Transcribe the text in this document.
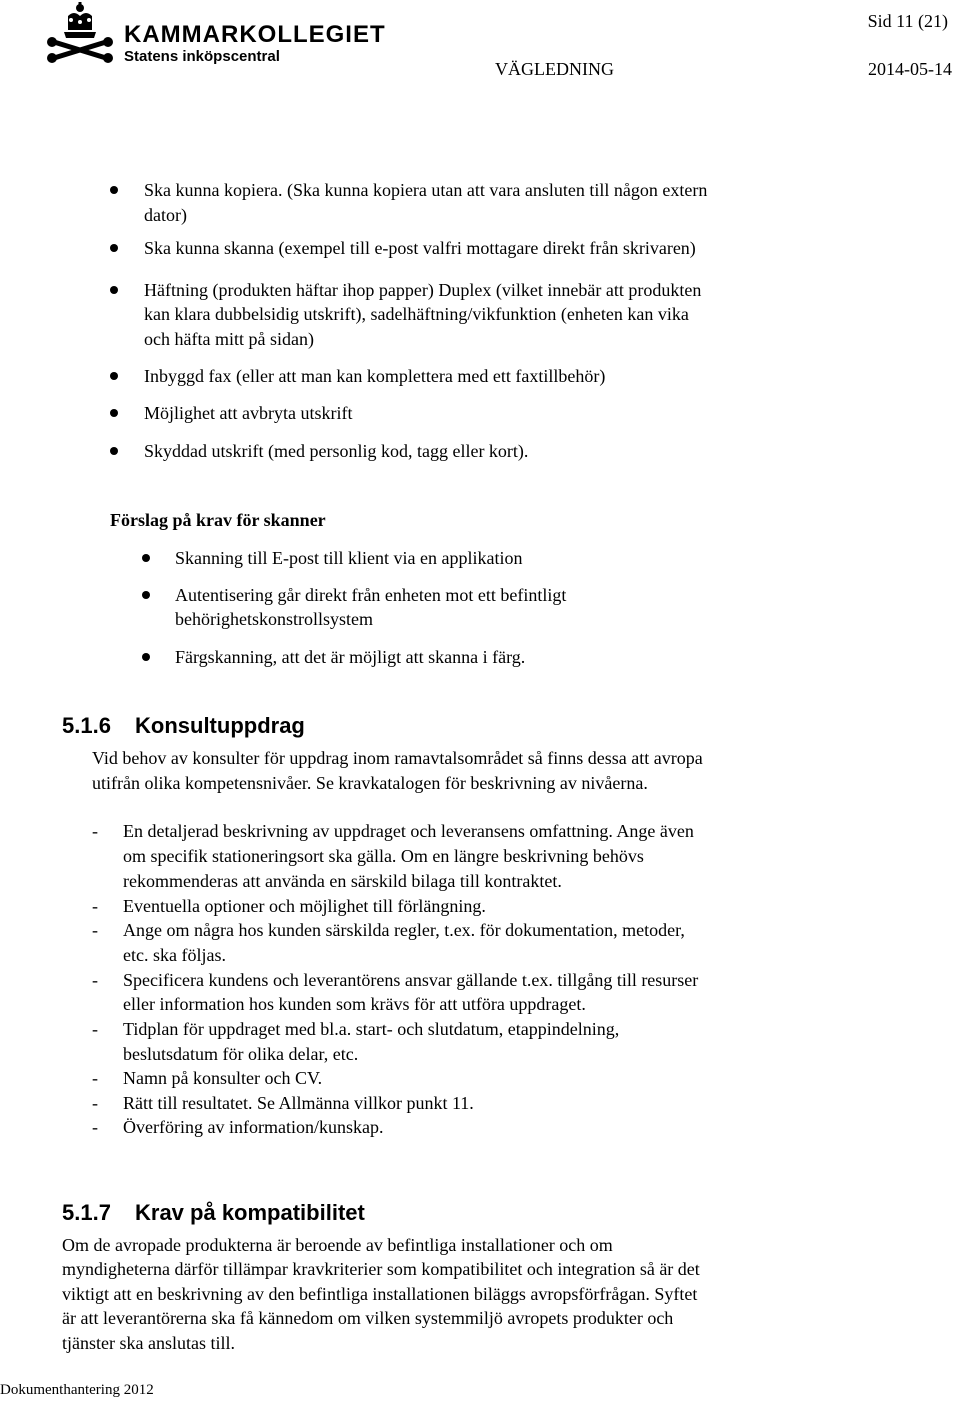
KAMMARKOLLEGIET
Statens inköpscentral
Sid 11 (21)
VÄGLEDNING	2014-05-14
Ska kunna kopiera. (Ska kunna kopiera utan att vara ansluten till någon extern
dator)
Ska kunna skanna (exempel till e-post valfri mottagare direkt från skrivaren)
Häftning (produkten häftar ihop papper) Duplex (vilket innebär att produkten
kan klara dubbelsidig utskrift), sadelhäftning/vikfunktion (enheten kan vika
och häfta mitt på sidan)
Inbyggd fax (eller att man kan komplettera med ett faxtillbehör)
Möjlighet att avbryta utskrift
Skyddad utskrift (med personlig kod, tagg eller kort).
Förslag på krav för skanner
Skanning till E-post till klient via en applikation
Autentisering går direkt från enheten mot ett befintligt
behörighetskonstrollsystem
Färgskanning, att det är möjligt att skanna i färg.
5.1.6 Konsultuppdrag
Vid behov av konsulter för uppdrag inom ramavtalsområdet så finns dessa att avropa
utifrån olika kompetensnivåer. Se kravkatalogen för beskrivning av nivåerna.
- En detaljerad beskrivning av uppdraget och leveransens omfattning. Ange även
om specifik stationeringsort ska gälla. Om en längre beskrivning behövs
rekommenderas att använda en särskild bilaga till kontraktet.
- Eventuella optioner och möjlighet till förlängning.
- Ange om några hos kunden särskilda regler, t.ex. för dokumentation, metoder,
etc. ska följas.
- Specificera kundens och leverantörens ansvar gällande t.ex. tillgång till resurser
eller information hos kunden som krävs för att utföra uppdraget.
- Tidplan för uppdraget med bl.a. start- och slutdatum, etappindelning,
beslutsdatum för olika delar, etc.
- Namn på konsulter och CV.
- Rätt till resultatet. Se Allmänna villkor punkt 11.
- Överföring av information/kunskap.
5.1.7 Krav på kompatibilitet
Om de avropade produkterna är beroende av befintliga installationer och om
myndigheterna därför tillämpar kravkriterier som kompatibilitet och integration så är det
viktigt att en beskrivning av den befintliga installationen biläggs avropsförfrågan. Syftet
är att leverantörerna ska få kännedom om vilken systemmiljö avropets produkter och
tjänster ska anslutas till.
Dokumenthantering 2012
